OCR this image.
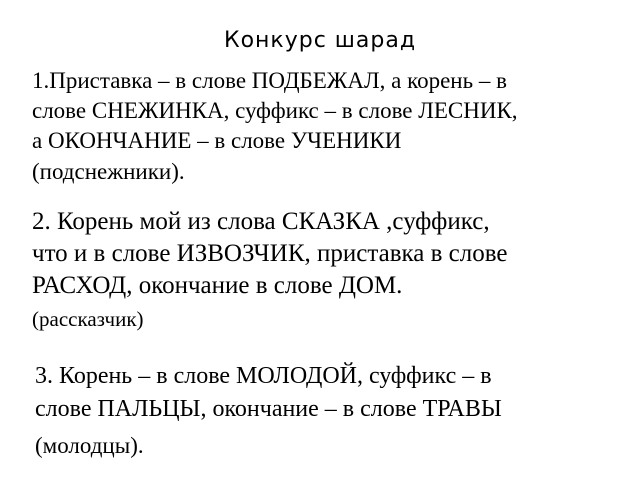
Конкурс шарад
1.Приставка – в слове ПОДБЕЖАЛ, а корень – в
слове СНЕЖИНКА, суффикс – в слове ЛЕСНИК,
а ОКОНЧАНИЕ – в слове УЧЕНИКИ
(подснежники).
2. Корень мой из слова СКАЗКА ,суффикс,
что и в слове ИЗВОЗЧИК, приставка в слове
РАСХОД, окончание в слове ДОМ.
(рассказчик)
3. Корень – в слове МОЛОДОЙ, суффикс – в
слове ПАЛЬЦЫ, окончание – в слове ТРАВЫ
(молодцы).
